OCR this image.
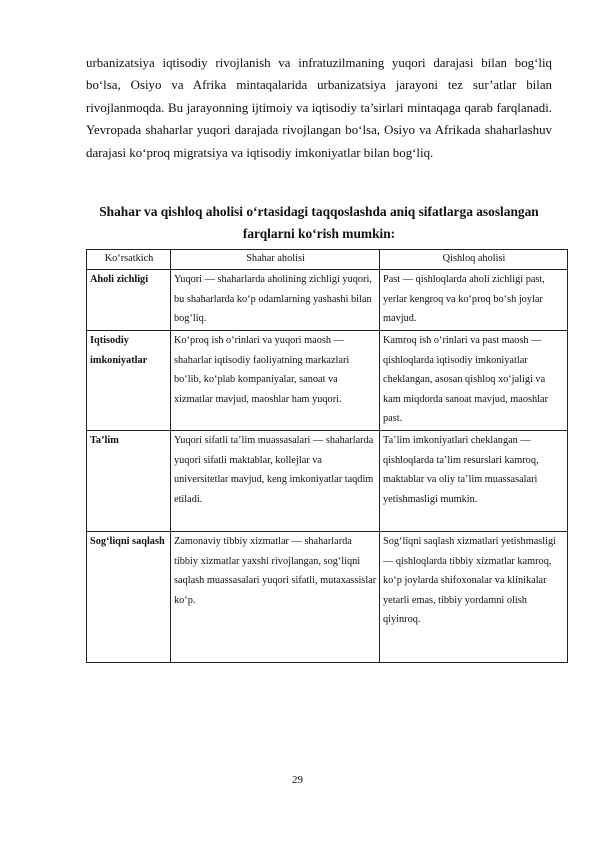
urbanizatsiya iqtisodiy rivojlanish va infratuzilmaning yuqori darajasi bilan bog‘liq bo‘lsa, Osiyo va Afrika mintaqalarida urbanizatsiya jarayoni tez sur’atlar bilan rivojlanmoqda. Bu jarayonning ijtimoiy va iqtisodiy ta’sirlari mintaqaga qarab farqlanadi. Yevropada shaharlar yuqori darajada rivojlangan bo‘lsa, Osiyo va Afrikada shaharlashuv darajasi ko‘proq migratsiya va iqtisodiy imkoniyatlar bilan bog‘liq.

Shahar va qishloq aholisi o‘rtasidagi taqqoslashda aniq sifatlarga asoslangan farqlarni ko‘rish mumkin:

Ko‘rsatkich	Shahar aholisi	Qishloq aholisi
Aholi zichligi	Yuqori — shaharlarda aholining zichligi yuqori, bu shaharlarda ko‘p odamlarning yashashi bilan bog‘liq.	Past — qishloqlarda aholi zichligi past, yerlar kengroq va ko‘proq bo‘sh joylar mavjud.
Iqtisodiy imkoniyatlar	Ko‘proq ish o‘rinlari va yuqori maosh — shaharlar iqtisodiy faoliyatning markazlari bo‘lib, ko‘plab kompaniyalar, sanoat va xizmatlar mavjud, maoshlar ham yuqori.	Kamroq ish o‘rinlari va past maosh — qishloqlarda iqtisodiy imkoniyatlar cheklangan, asosan qishloq xo‘jaligi va kam miqdorda sanoat mavjud, maoshlar past.
Ta’lim	Yuqori sifatli ta’lim muassasalari — shaharlarda yuqori sifatli maktablar, kollejlar va universitetlar mavjud, keng imkoniyatlar taqdim etiladi.	Ta’lim imkoniyatlari cheklangan — qishloqlarda ta’lim resurslari kamroq, maktablar va oliy ta’lim muassasalari yetishmasligi mumkin.
Sog‘liqni saqlash	Zamonaviy tibbiy xizmatlar — shaharlarda tibbiy xizmatlar yaxshi rivojlangan, sog‘liqni saqlash muassasalari yuqori sifatli, mutaxassislar ko‘p.	Sog‘liqni saqlash xizmatlari yetishmasligi — qishloqlarda tibbiy xizmatlar kamroq, ko‘p joylarda shifoxonalar va klinikalar yetarli emas, tibbiy yordamni olish qiyinroq.
29
